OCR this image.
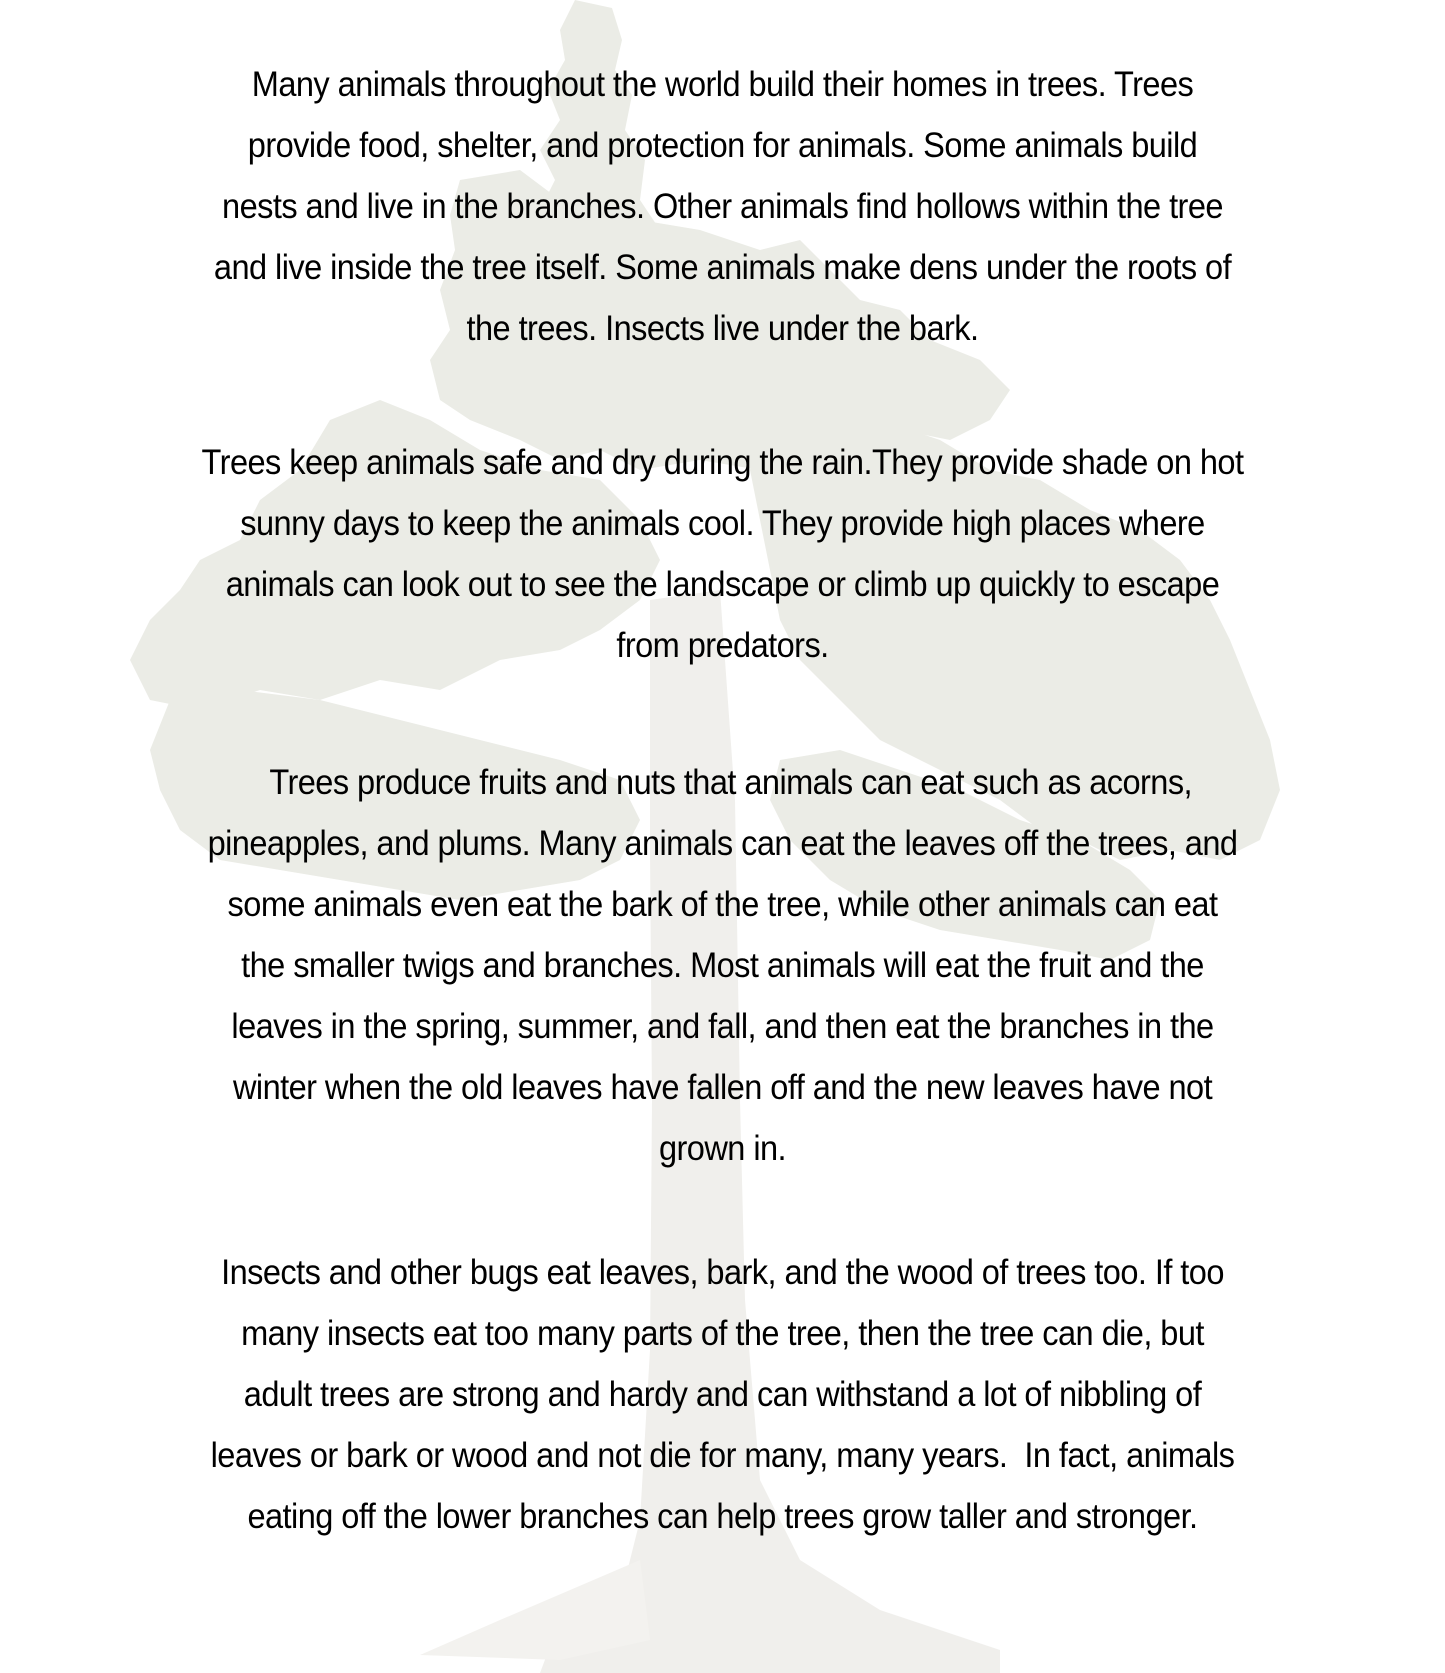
Many animals throughout the world build their homes in trees. Trees
provide food, shelter, and protection for animals. Some animals build
nests and live in the branches. Other animals find hollows within the tree
and live inside the tree itself. Some animals make dens under the roots of
the trees. Insects live under the bark.

Trees keep animals safe and dry during the rain.They provide shade on hot
sunny days to keep the animals cool. They provide high places where
animals can look out to see the landscape or climb up quickly to escape
from predators.

Trees produce fruits and nuts that animals can eat such as acorns,
pineapples, and plums. Many animals can eat the leaves off the trees, and
some animals even eat the bark of the tree, while other animals can eat
the smaller twigs and branches. Most animals will eat the fruit and the
leaves in the spring, summer, and fall, and then eat the branches in the
winter when the old leaves have fallen off and the new leaves have not
grown in.

Insects and other bugs eat leaves, bark, and the wood of trees too. If too
many insects eat too many parts of the tree, then the tree can die, but
adult trees are strong and hardy and can withstand a lot of nibbling of
leaves or bark or wood and not die for many, many years.  In fact, animals
eating off the lower branches can help trees grow taller and stronger.
